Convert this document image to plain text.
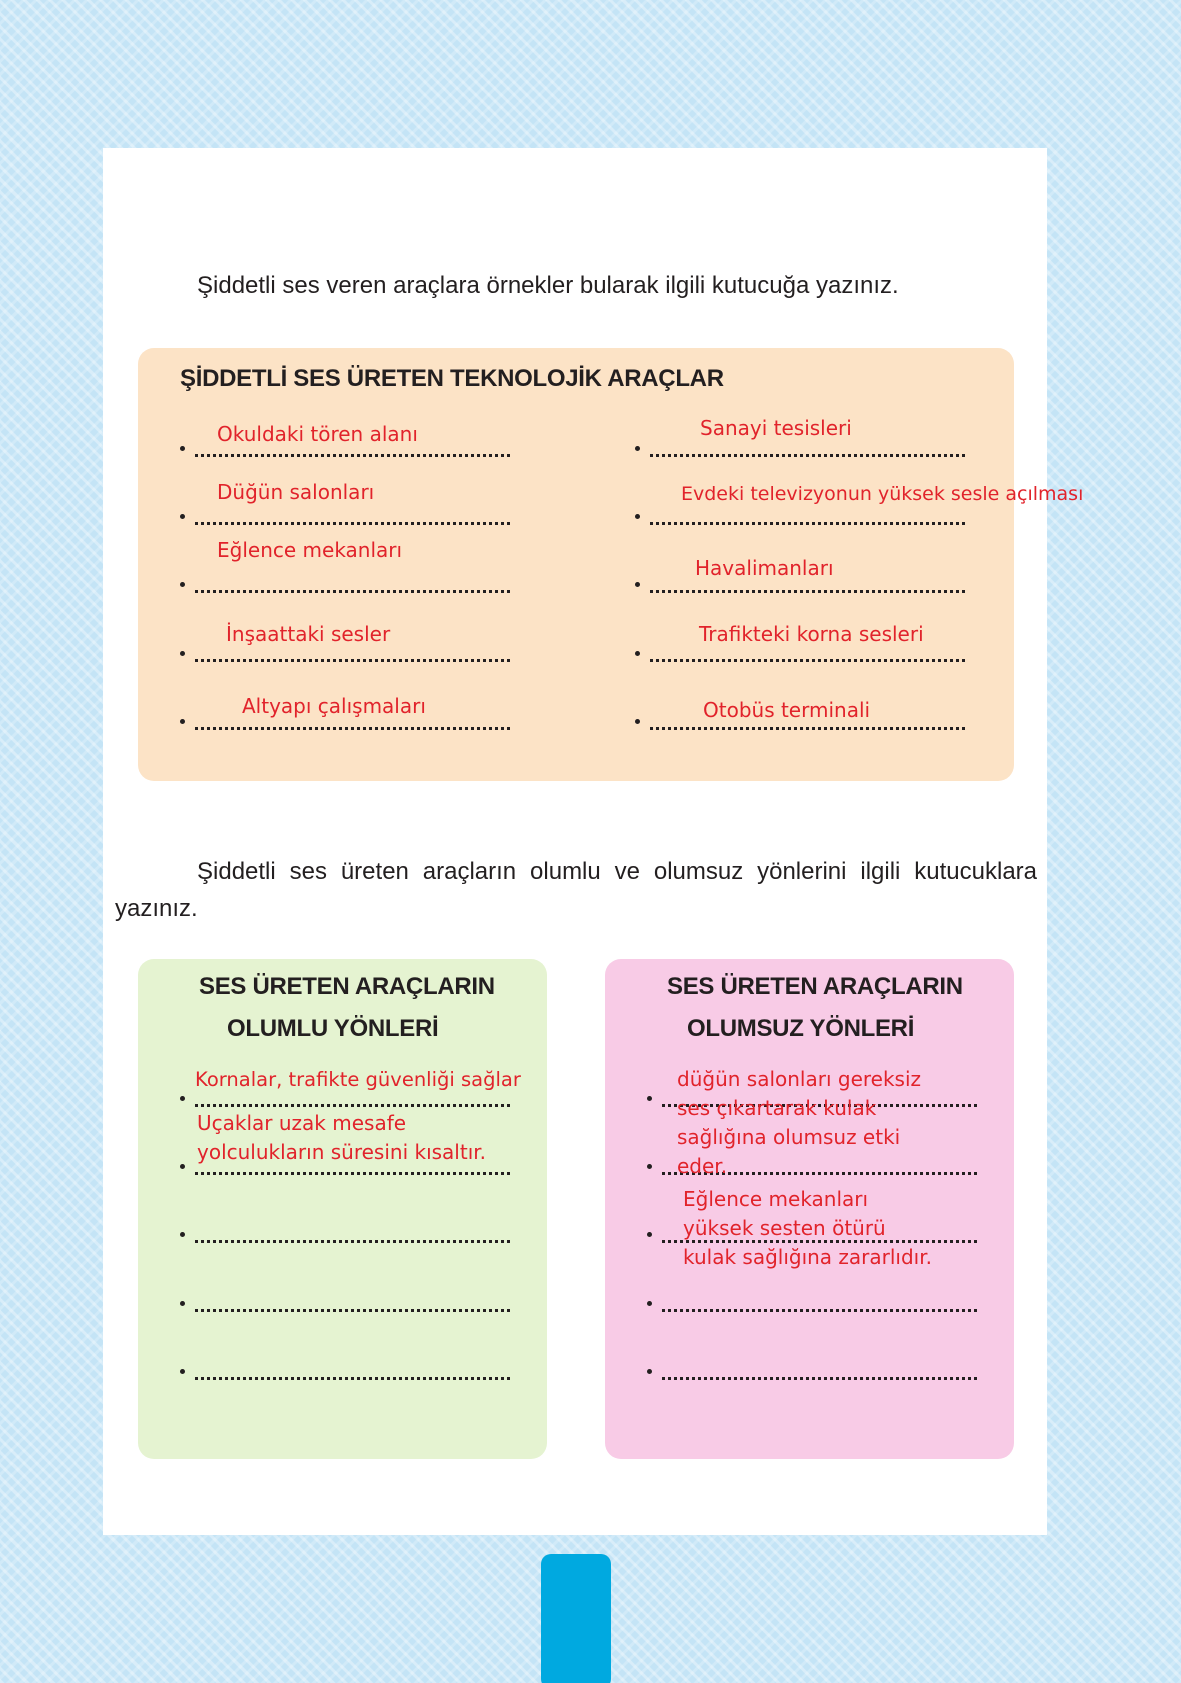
Şiddetli ses veren araçlara örnekler bularak ilgili kutucuğa yazınız.
ŞİDDETLİ SES ÜRETEN TEKNOLOJİK ARAÇLAR
Okuldaki tören alanı
Düğün salonları
Eğlence mekanları
İnşaattaki sesler
Altyapı çalışmaları
Sanayi tesisleri
Evdeki televizyonun yüksek sesle açılması
Havalimanları
Trafikteki korna sesleri
Otobüs terminali
Şiddetli ses üreten araçların olumlu ve olumsuz yönlerini ilgili kutucuklara
yazınız.
SES ÜRETEN ARAÇLARIN
OLUMLU YÖNLERİ
Kornalar, trafikte güvenliği sağlar
Uçaklar uzak mesafe yolculukların süresini kısaltır.
SES ÜRETEN ARAÇLARIN
OLUMSUZ YÖNLERİ
düğün salonları gereksiz ses çıkartarak kulak sağlığına olumsuz etki eder.
Eğlence mekanları yüksek sesten ötürü kulak sağlığına zararlıdır.
